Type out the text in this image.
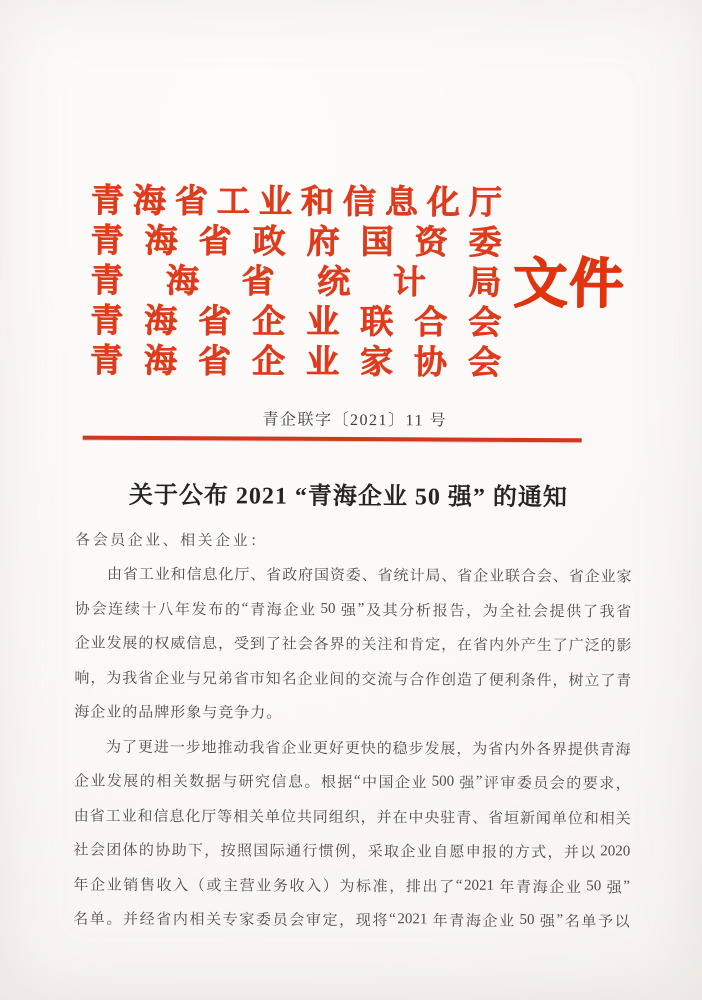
青 海 省 工 业 和 信 息 化 厅
青 海 省 政 府 国 资 委
青 海 省 统 计 局
青 海 省 企 业 联 合 会
青 海 省 企 业 家 协 会
文件
青企联字〔2021〕11 号
关于公布 2021 “青海企业 50 强” 的通知
各会员企业、相关企业：
由 省 工 业 和 信 息 化 厅 、 省 政 府 国 资 委 、 省 统 计 局 、 省 企 业 联 合 会 、 省 企 业 家
协 会 连 续 十 八 年 发 布 的 “ 青 海 企 业 50 强 ” 及 其 分 析 报 告 ， 为 全 社 会 提 供 了 我 省
企 业 发 展 的 权 威 信 息 ， 受 到 了 社 会 各 界 的 关 注 和 肯 定 ， 在 省 内 外 产 生 了 广 泛 的 影
响 ， 为 我 省 企 业 与 兄 弟 省 市 知 名 企 业 间 的 交 流 与 合 作 创 造 了 便 利 条 件 ， 树 立 了 青
海企业的品牌形象与竞争力。
为 了 更 进 一 步 地 推 动 我 省 企 业 更 好 更 快 的 稳 步 发 展 ， 为 省 内 外 各 界 提 供 青 海
企 业 发 展 的 相 关 数 据 与 研 究 信 息 。 根 据 “ 中 国 企 业 500 强 ” 评 审 委 员 会 的 要 求 ，
由 省 工 业 和 信 息 化 厅 等 相 关 单 位 共 同 组 织 ， 并 在 中 央 驻 青 、 省 垣 新 闻 单 位 和 相 关
社 会 团 体 的 协 助 下 ， 按 照 国 际 通 行 惯 例 ， 采 取 企 业 自 愿 申 报 的 方 式 ， 并 以 2020
年 企 业 销 售 收 入 （ 或 主 营 业 务 收 入 ） 为 标 准 ， 排 出 了 “ 2021 年 青 海 企 业 50 强 ”
名 单 。 并 经 省 内 相 关 专 家 委 员 会 审 定 ， 现 将 “ 2021 年 青 海 企 业 50 强 ” 名 单 予 以
